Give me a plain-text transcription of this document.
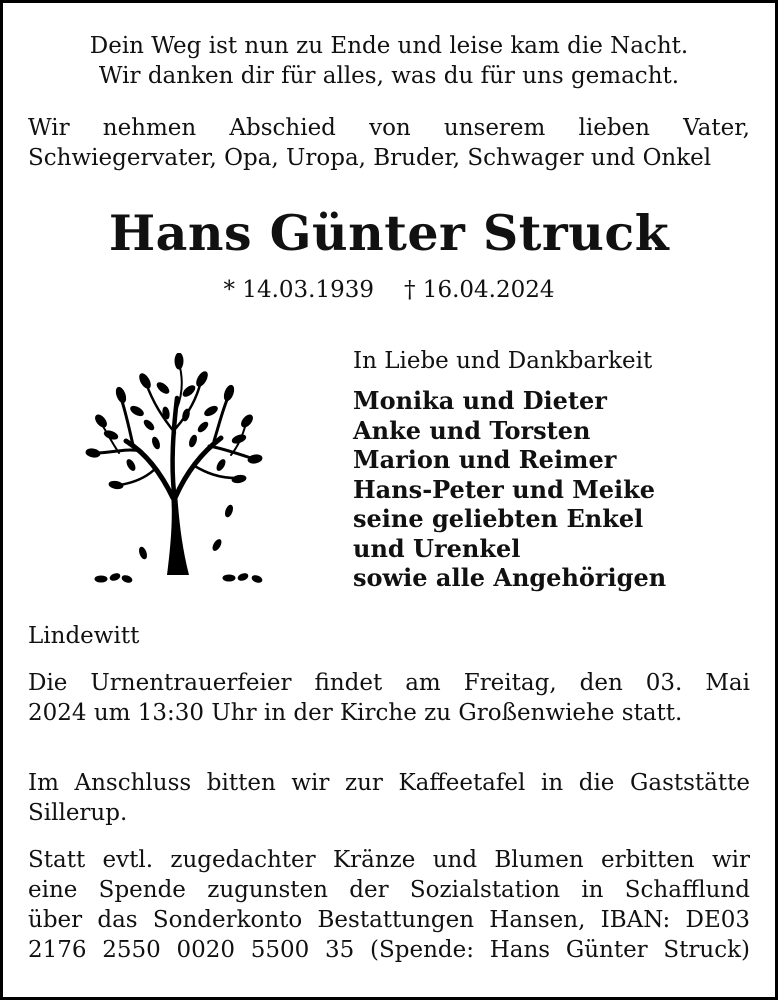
Dein Weg ist nun zu Ende und leise kam die Nacht.
Wir danken dir für alles, was du für uns gemacht.
Wir nehmen Abschied von unserem lieben Vater,
Schwiegervater, Opa, Uropa, Bruder, Schwager und Onkel
Hans Günter Struck
* 14.03.1939 † 16.04.2024
In Liebe und Dankbarkeit
Monika und Dieter
Anke und Torsten
Marion und Reimer
Hans-Peter und Meike
seine geliebten Enkel
und Urenkel
sowie alle Angehörigen
Lindewitt
Die Urnentrauerfeier findet am Freitag, den 03. Mai
2024 um 13:30 Uhr in der Kirche zu Großenwiehe statt.
Im Anschluss bitten wir zur Kaffeetafel in die Gaststätte
Sillerup.
Statt evtl. zugedachter Kränze und Blumen erbitten wir
eine Spende zugunsten der Sozialstation in Schafflund
über das Sonderkonto Bestattungen Hansen, IBAN: DE03
2176 2550 0020 5500 35 (Spende: Hans Günter Struck)
